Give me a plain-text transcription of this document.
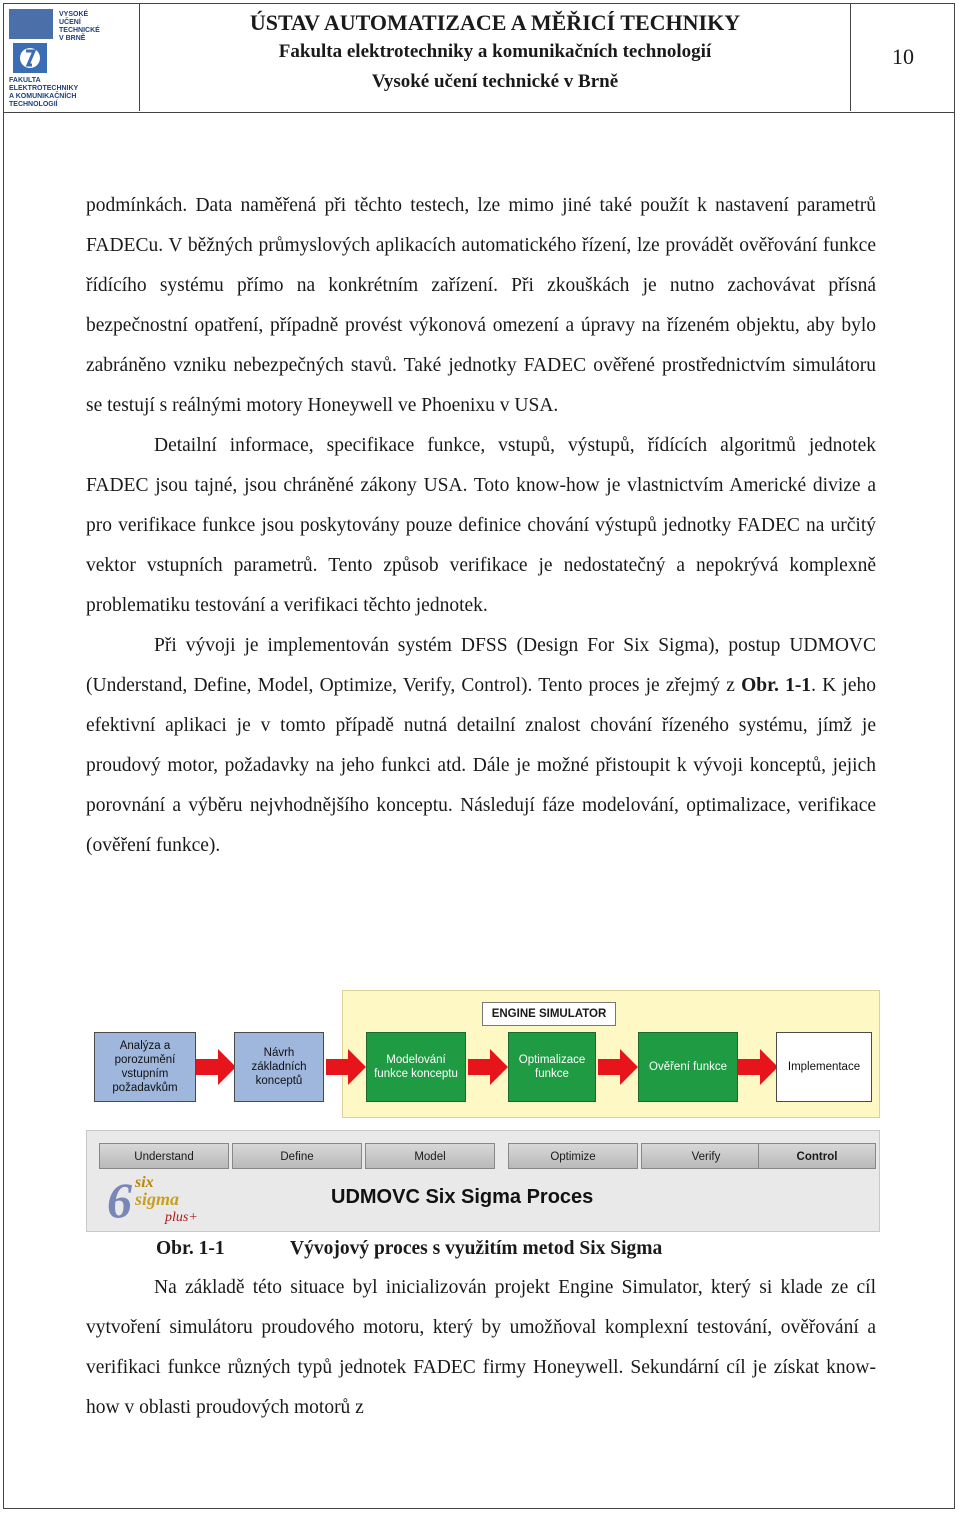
VYSOKÉ
UČENÍ
TECHNICKÉ
V BRNĚ
FAKULTA
ELEKTROTECHNIKY
A KOMUNIKAČNÍCH
TECHNOLOGIÍ
ÚSTAV AUTOMATIZACE A MĚŘICÍ TECHNIKY
Fakulta elektrotechniky a komunikačních technologií
Vysoké učení technické v Brně
10

podmínkách. Data naměřená při těchto testech, lze mimo jiné také použít k nastavení parametrů FADECu. V běžných průmyslových aplikacích automatického řízení, lze provádět ověřování funkce řídícího systému přímo na konkrétním zařízení. Při zkouškách je nutno zachovávat přísná bezpečnostní opatření, případně provést výkonová omezení a úpravy na řízeném objektu, aby bylo zabráněno vzniku nebezpečných stavů. Také jednotky FADEC ověřené prostřednictvím simulátoru se testují s reálnými motory Honeywell ve Phoenixu v USA.

Detailní informace, specifikace funkce, vstupů, výstupů, řídících algoritmů jednotek FADEC jsou tajné, jsou chráněné zákony USA. Toto know-how je vlastnictvím Americké divize a pro verifikace funkce jsou poskytovány pouze definice chování výstupů jednotky FADEC na určitý vektor vstupních parametrů. Tento způsob verifikace je nedostatečný a nepokrývá komplexně problematiku testování a verifikaci těchto jednotek.

Při vývoji je implementován systém DFSS (Design For Six Sigma), postup UDMOVC (Understand, Define, Model, Optimize, Verify, Control). Tento proces je zřejmý z Obr. 1-1. K jeho efektivní aplikaci je v tomto případě nutná detailní znalost chování řízeného systému, jímž je proudový motor, požadavky na jeho funkci atd. Dále je možné přistoupit k vývoji konceptů, jejich porovnání a výběru nejvhodnějšího konceptu. Následují fáze modelování, optimalizace, verifikace (ověření funkce).

ENGINE SIMULATOR
Analýza a porozumění vstupním požadavkům
Návrh základních konceptů
Modelování funkce konceptu
Optimalizace funkce
Ověření funkce	Implementace
Understand	Define	Model	Optimize	Verify	Control
6 six
sigma
plus+
UDMOVC Six Sigma Proces
Obr. 1-1	Vývojový proces s využitím metod Six Sigma

Na základě této situace byl inicializován projekt Engine Simulator, který si klade ze cíl vytvoření simulátoru proudového motoru, který by umožňoval komplexní testování, ověřování a verifikaci funkce různých typů jednotek FADEC firmy Honeywell. Sekundární cíl je získat know-how v oblasti proudových motorů z
